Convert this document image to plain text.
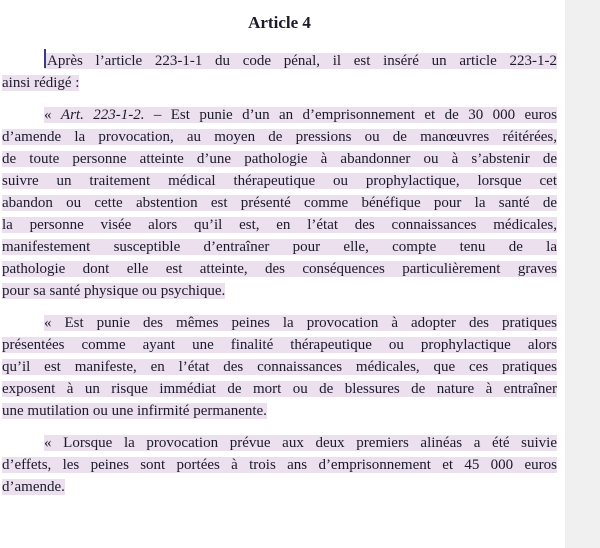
Article 4
Après l’article 223-1-1 du code pénal, il est inséré un article 223-1-2
ainsi rédigé :
« Art. 223-1-2. – Est punie d’un an d’emprisonnement et de 30 000 euros
d’amende la provocation, au moyen de pressions ou de manœuvres réitérées,
de toute personne atteinte d’une pathologie à abandonner ou à s’abstenir de
suivre un traitement médical thérapeutique ou prophylactique, lorsque cet
abandon ou cette abstention est présenté comme bénéfique pour la santé de
la personne visée alors qu’il est, en l’état des connaissances médicales,
manifestement susceptible d’entraîner pour elle, compte tenu de la
pathologie dont elle est atteinte, des conséquences particulièrement graves
pour sa santé physique ou psychique.
« Est punie des mêmes peines la provocation à adopter des pratiques
présentées comme ayant une finalité thérapeutique ou prophylactique alors
qu’il est manifeste, en l’état des connaissances médicales, que ces pratiques
exposent à un risque immédiat de mort ou de blessures de nature à entraîner
une mutilation ou une infirmité permanente.
« Lorsque la provocation prévue aux deux premiers alinéas a été suivie
d’effets, les peines sont portées à trois ans d’emprisonnement et 45 000 euros
d’amende.
